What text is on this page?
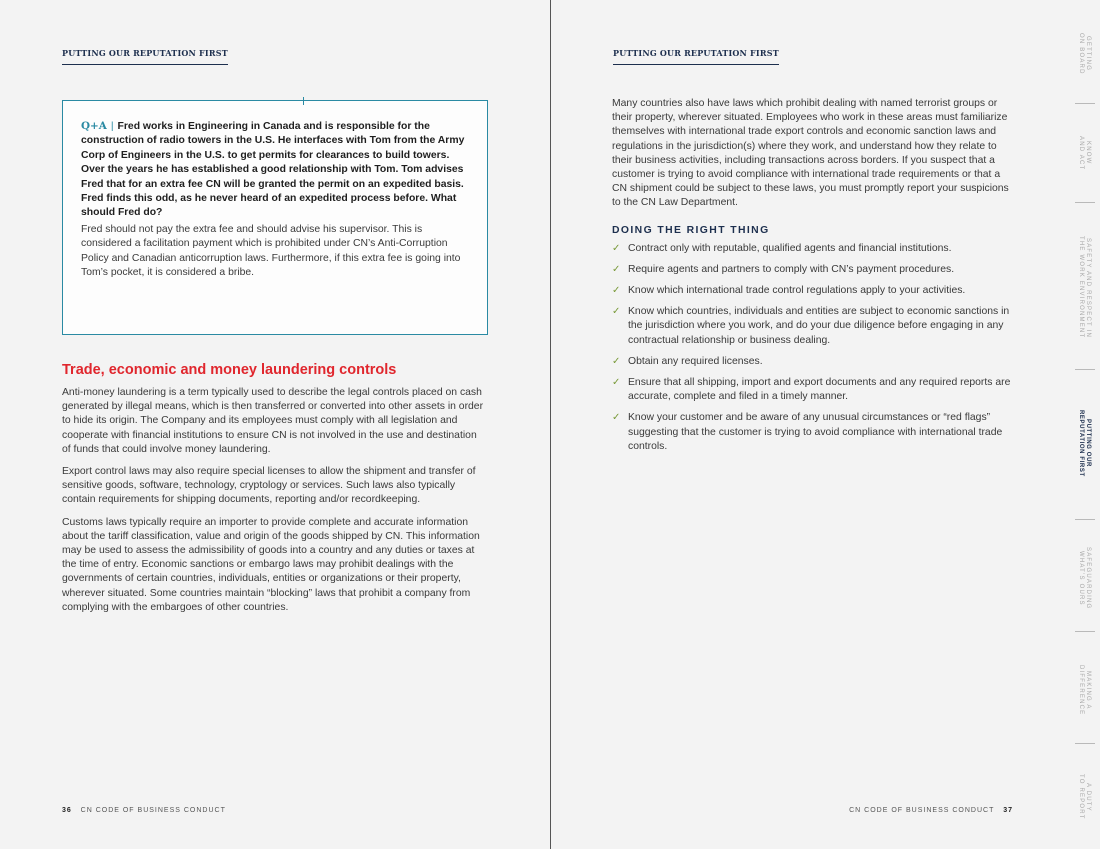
PUTTING OUR REPUTATION FIRST

Q+A | Fred works in Engineering in Canada and is responsible for the construction of radio towers in the U.S. He interfaces with Tom from the Army Corp of Engineers in the U.S. to get permits for clearances to build towers. Over the years he has established a good relationship with Tom. Tom advises Fred that for an extra fee CN will be granted the permit on an expedited basis. Fred finds this odd, as he never heard of an expedited process before. What should Fred do?

Fred should not pay the extra fee and should advise his supervisor. This is considered a facilitation payment which is prohibited under CN’s Anti-Corruption Policy and Canadian anticorruption laws. Furthermore, if this extra fee is going into Tom’s pocket, it is considered a bribe.

Trade, economic and money laundering controls

Anti-money laundering is a term typically used to describe the legal controls placed on cash generated by illegal means, which is then transferred or converted into other assets in order to hide its origin. The Company and its employees must comply with all legislation and cooperate with financial institutions to ensure CN is not involved in the use and destination of funds that could involve money laundering.

Export control laws may also require special licenses to allow the shipment and transfer of sensitive goods, software, technology, cryptology or services. Such laws also typically contain requirements for shipping documents, reporting and/or recordkeeping.

Customs laws typically require an importer to provide complete and accurate information about the tariff classification, value and origin of the goods shipped by CN. This information may be used to assess the admissibility of goods into a country and any duties or taxes at the time of entry. Economic sanctions or embargo laws may prohibit dealings with the governments of certain countries, individuals, entities or organizations or their property, wherever situated. Some countries maintain “blocking” laws that prohibit a company from complying with the embargoes of other countries.

36 CN CODE OF BUSINESS CONDUCT
PUTTING OUR REPUTATION FIRST
CN CODE OF BUSINESS CONDUCT 37

Many countries also have laws which prohibit dealing with named terrorist groups or their property, wherever situated. Employees who work in these areas must familiarize themselves with international trade export controls and economic sanction laws and regulations in the jurisdiction(s) where they work, and understand how they relate to their business activities, including transactions across borders. If you suspect that a customer is trying to avoid compliance with international trade requirements or that a CN shipment could be subject to these laws, you must promptly report your suspicions to the CN Law Department.

DOING THE RIGHT THING
✓ Contract only with reputable, qualified agents and financial institutions.
✓ Require agents and partners to comply with CN’s payment procedures.
✓ Know which international trade control regulations apply to your activities.
✓ Know which countries, individuals and entities are subject to economic sanctions in the jurisdiction where you work, and do your due diligence before engaging in any contractual relationship or business dealing.
✓ Obtain any required licenses.
✓ Ensure that all shipping, import and export documents and any required reports are accurate, complete and filed in a timely manner.
✓ Know your customer and be aware of any unusual circumstances or “red flags” suggesting that the customer is trying to avoid compliance with international trade controls.
GETTING
ON BOARD
KNOW
AND ACT
SAFETY AND RESPECT IN
THE WORK ENVIRONMENT
PUTTING OUR
REPUTATION FIRST
SAFEGUARDING
WHAT’S OURS
MAKING A
DIFFERENCE
A DUTY
TO REPORT
